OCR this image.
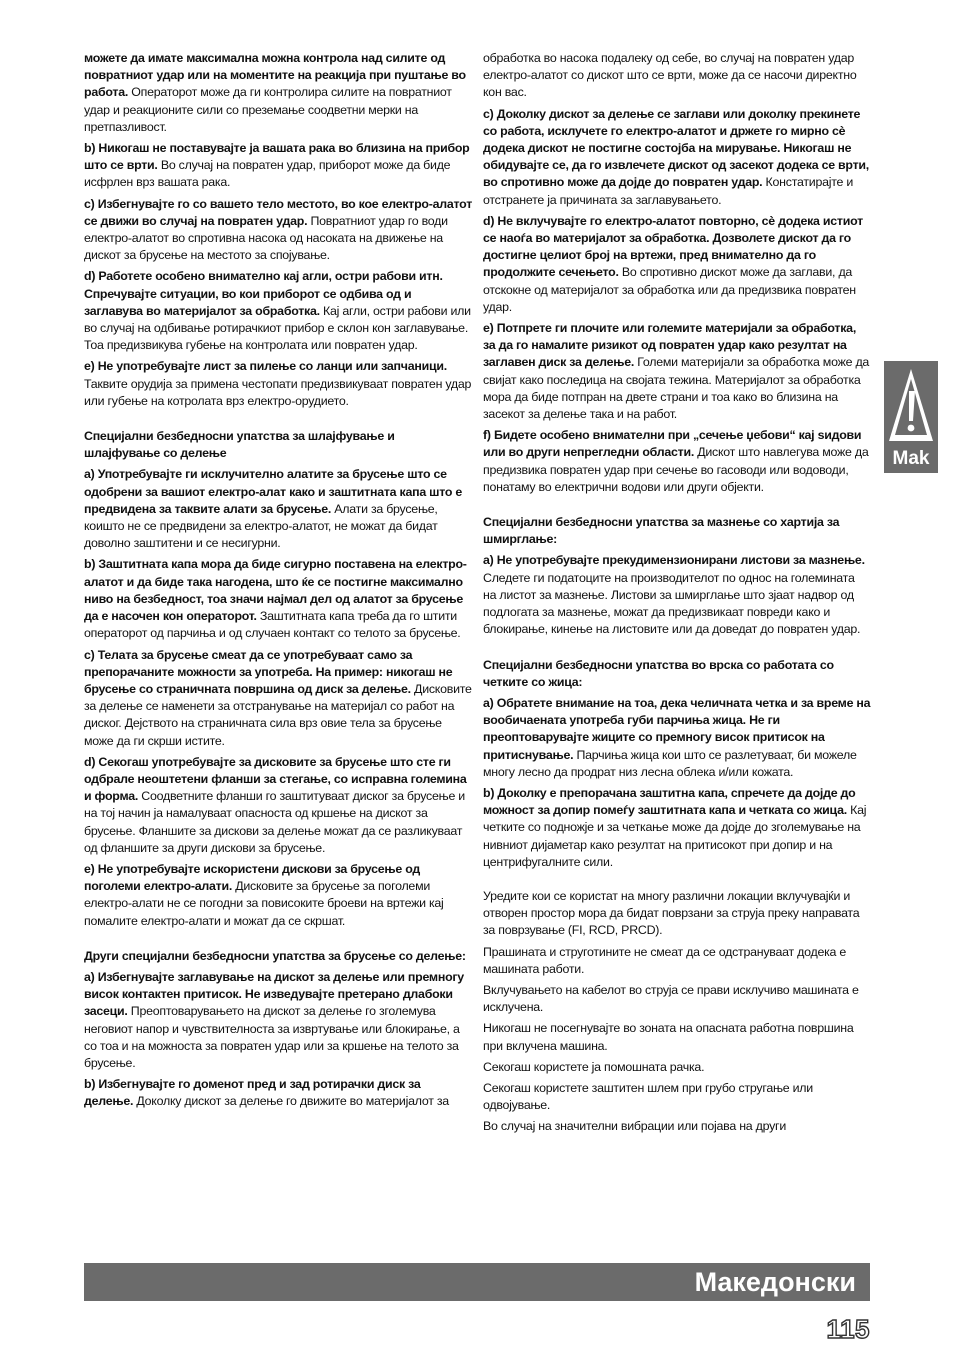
можете да имате максимална можна контрола над силите од повратниот удар или на моментите на реакција при пуштање во работа. Операторот може да ги контролира силите на повратниот удар и реакционите сили со преземање соодветни мерки на претпазливост.
b) Никогаш не поставувајте ја вашата рака во близина на прибор што се врти. Во случај на повратен удар, приборот може да биде исфрлен врз вашата рака.
c) Избегнувајте го со вашето тело местото, во кое електро-алатот се движи во случај на повратен удар. Повратниот удар го води електро-алатот во спротивна насока од насоката на движење на дискот за брусење на местото за спојување.
d) Работете особено внимателно кај агли, остри рабови итн. Спречувајте ситуации, во кои приборот се одбива од и заглавува во материјалот за обработка. Кај агли, остри рабови или во случај на одбивање ротирачкиот прибор е склон кон заглавување. Тоа предизвикува губење на контролата или повратен удар.
e) Не употребувајте лист за пилење со ланци или запчаници. Таквите орудија за примена честопати предизвикуваат повратен удар или губење на котролата врз електро-орудието.
Специјални безбедносни упатства за шлајфување и шлајфување со делење
a) Употребувајте ги исклучително алатите за брусење што се одобрени за вашиот електро-алат како и заштитната капа што е предвидена за таквите алати за брусење. Алати за брусење, коишто не се предвидени за електро-алатот, не можат да бидат доволно заштитени и се несигурни.
b) Заштитната капа мора да биде сигурно поставена на електро-алатот и да биде така нагодена, што ќе се постигне максимално ниво на безбедност, тоа значи најмал дел од алатот за брусење да е насочен кон операторот. Заштитната капа треба да го штити операторот од парчиња и од случаен контакт со телото за брусење.
c) Телата за брусење смеат да се употребуваат само за препорачаните можности за употреба. На пример: никогаш не брусење со страничната површина од диск за делење. Дисковите за делење се наменети за отстранување на материјал со работ на диског. Дејството на страничната сила врз овие тела за брусење може да ги скрши истите.
d) Секогаш употребувајте за дисковите за брусење што сте ги одбрале неоштетени фланши за стегање, со исправна големина и форма. Соодветните фланши го заштитуваат диског за брусење и на тој начин ја намалуваат опасноста од кршење на дискот за брусење. Фланшите за дискови за делење можат да се разликуваат од фланшите за други дискови за брусење.
e) Не употребувајте искористени дискови за брусење од поголеми електро-алати. Дисковите за брусење за поголеми електро-алати не се погодни за повисоките броеви на вртежи кај помалите електро-алати и можат да се скршат.
Други специјални безбедносни упатства за брусење со делење:
a) Избегнувајте заглавување на дискот за делење или премногу висок контактен притисок. Не изведувајте претерано длабоки засеци. Преоптоварувањето на дискот за делење го зголемува неговиот напор и чувствителноста за извртување или блокирање, а со тоа и на можноста за повратен удар или за кршење на телото за брусење.
b) Избегнувајте го доменот пред и зад ротирачки диск за делење. Доколку дискот за делење го движите во материјалот за
обработка во насока подалеку од себе, во случај на повратен удар електро-алатот со дискот што се врти, може да се насочи директно кон вас.
c) Доколку дискот за делење се заглави или доколку прекинете со работа, исклучете го електро-алатот и држете го мирно сè додека дискот не постигне состојба на мирување. Никогаш не обидувајте се, да го извлечете дискот од засекот додека се врти, во спротивно може да дојде до повратен удар. Констатирајте и отстранете ја причината за заглавувањето.
d) Не вклучувајте го електро-алатот повторно, сè додека истиот се наоѓа во материјалот за обработка. Дозволете дискот да го достигне целиот број на вртежи, пред внимателно да го продолжите сечењето. Во спротивно дискот може да заглави, да отскокне од материјалот за обработка или да предизвика повратен удар.
e) Потпрете ги плочите или големите материјали за обработка, за да го намалите ризикот од повратен удар како резултат на заглавен диск за делење. Големи материјали за обработка може да свијат како последица на својата тежина. Материјалот за обработка мора да биде потпран на двете страни и тоа како во близина на засекот за делење така и на работ.
f) Бидете особено внимателни при „сечење џебови“ кај ѕидови или во други непрегледни области. Дискот што навлегува може да предизвика повратен удар при сечење во гасоводи или водоводи, понатаму во електрични водови или други објекти.
Специјални безбедносни упатства за мазнење со хартија за шмирглање:
a) Не употребувајте прекудимензионирани листови за мазнење. Следете ги податоците на производителот по однос на големината на листот за мазнење. Листови за шмирглање што зјаат надвор од подлогата за мазнење, можат да предизвикаат повреди како и блокирање, кинење на листовите или да доведат до повратен удар.
Специјални безбедносни упатства во врска со работата со четките со жица:
a) Обратете внимание на тоа, дека челичната четка и за време на вообичаената употреба губи парчиња жица. Не ги преоптоварувајте жиците со премногу висок притисок на притиснување. Парчиња жица кои што се разлетуваат, би можеле многу лесно да продрат низ лесна облека и/или кожата.
b) Доколку е препорачана заштитна капа, спречете да дојде до можност за допир помеѓу заштитната капа и четката со жица. Кај четките со подножје и за четкање може да дојде до зголемување на нивниот дијаметар како резултат на притисокот при допир и на центрифугалните сили.
Уредите кои се користат на многу различни локации вклучувајќи и отворен простор мора да бидат поврзани за струја преку направата за поврзување (FI, RCD, PRCD).
Прашината и струготините не смеат да се одстрануваат додека е машината работи.
Вклучувањето на кабелот во струја се прави исклучиво машината е исклучена.
Никогаш не посегнувајте во зоната на опасната работна површина при вклучена машина.
Секогаш користете ја помошната рачка.
Секогаш користете заштитен шлем при грубо стругање или одвојување.
Во случај на значителни вибрации или појава на други
Mak
Македонски
115
